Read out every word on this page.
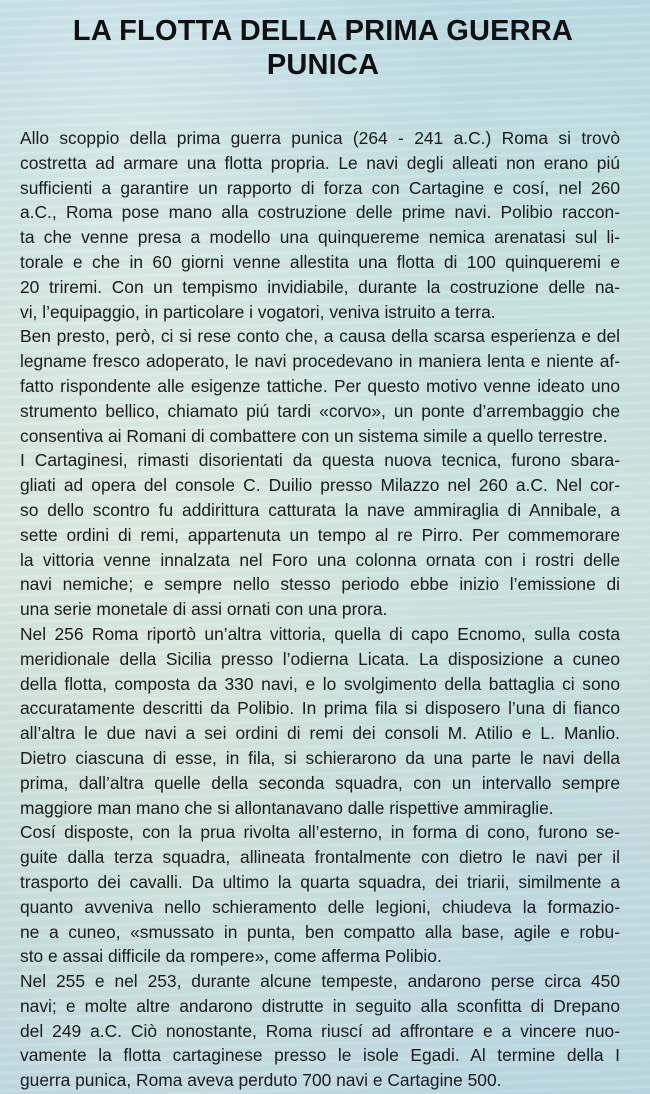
LA FLOTTA DELLA PRIMA GUERRA
PUNICA

Allo scoppio della prima guerra punica (264 - 241 a.C.) Roma si trovò
costretta ad armare una flotta propria. Le navi degli alleati non erano piú
sufficienti a garantire un rapporto di forza con Cartagine e cosí, nel 260
a.C., Roma pose mano alla costruzione delle prime navi. Polibio raccon-
ta che venne presa a modello una quinquereme nemica arenatasi sul li-
torale e che in 60 giorni venne allestita una flotta di 100 quinqueremi e
20 triremi. Con un tempismo invidiabile, durante la costruzione delle na-
vi, l’equipaggio, in particolare i vogatori, veniva istruito a terra.

Ben presto, però, ci si rese conto che, a causa della scarsa esperienza e del
legname fresco adoperato, le navi procedevano in maniera lenta e niente af-
fatto rispondente alle esigenze tattiche. Per questo motivo venne ideato uno
strumento bellico, chiamato piú tardi «corvo», un ponte d’arrembaggio che
consentiva ai Romani di combattere con un sistema simile a quello terrestre.

I Cartaginesi, rimasti disorientati da questa nuova tecnica, furono sbara-
gliati ad opera del console C. Duilio presso Milazzo nel 260 a.C. Nel cor-
so dello scontro fu addirittura catturata la nave ammiraglia di Annibale, a
sette ordini di remi, appartenuta un tempo al re Pirro. Per commemorare
la vittoria venne innalzata nel Foro una colonna ornata con i rostri delle
navi nemiche; e sempre nello stesso periodo ebbe inizio l’emissione di
una serie monetale di assi ornati con una prora.

Nel 256 Roma riportò un’altra vittoria, quella di capo Ecnomo, sulla costa
meridionale della Sicilia presso l’odierna Licata. La disposizione a cuneo
della flotta, composta da 330 navi, e lo svolgimento della battaglia ci sono
accuratamente descritti da Polibio. In prima fila si disposero l’una di fianco
all’altra le due navi a sei ordini di remi dei consoli M. Atilio e L. Manlio.
Dietro ciascuna di esse, in fila, si schierarono da una parte le navi della
prima, dall’altra quelle della seconda squadra, con un intervallo sempre
maggiore man mano che si allontanavano dalle rispettive ammiraglie.

Cosí disposte, con la prua rivolta all’esterno, in forma di cono, furono se-
guite dalla terza squadra, allineata frontalmente con dietro le navi per il
trasporto dei cavalli. Da ultimo la quarta squadra, dei triarii, similmente a
quanto avveniva nello schieramento delle legioni, chiudeva la formazio-
ne a cuneo, «smussato in punta, ben compatto alla base, agile e robu-
sto e assai difficile da rompere», come afferma Polibio.

Nel 255 e nel 253, durante alcune tempeste, andarono perse circa 450
navi; e molte altre andarono distrutte in seguito alla sconfitta di Drepano
del 249 a.C. Ciò nonostante, Roma riuscí ad affrontare e a vincere nuo-
vamente la flotta cartaginese presso le isole Egadi. Al termine della I
guerra punica, Roma aveva perduto 700 navi e Cartagine 500.
